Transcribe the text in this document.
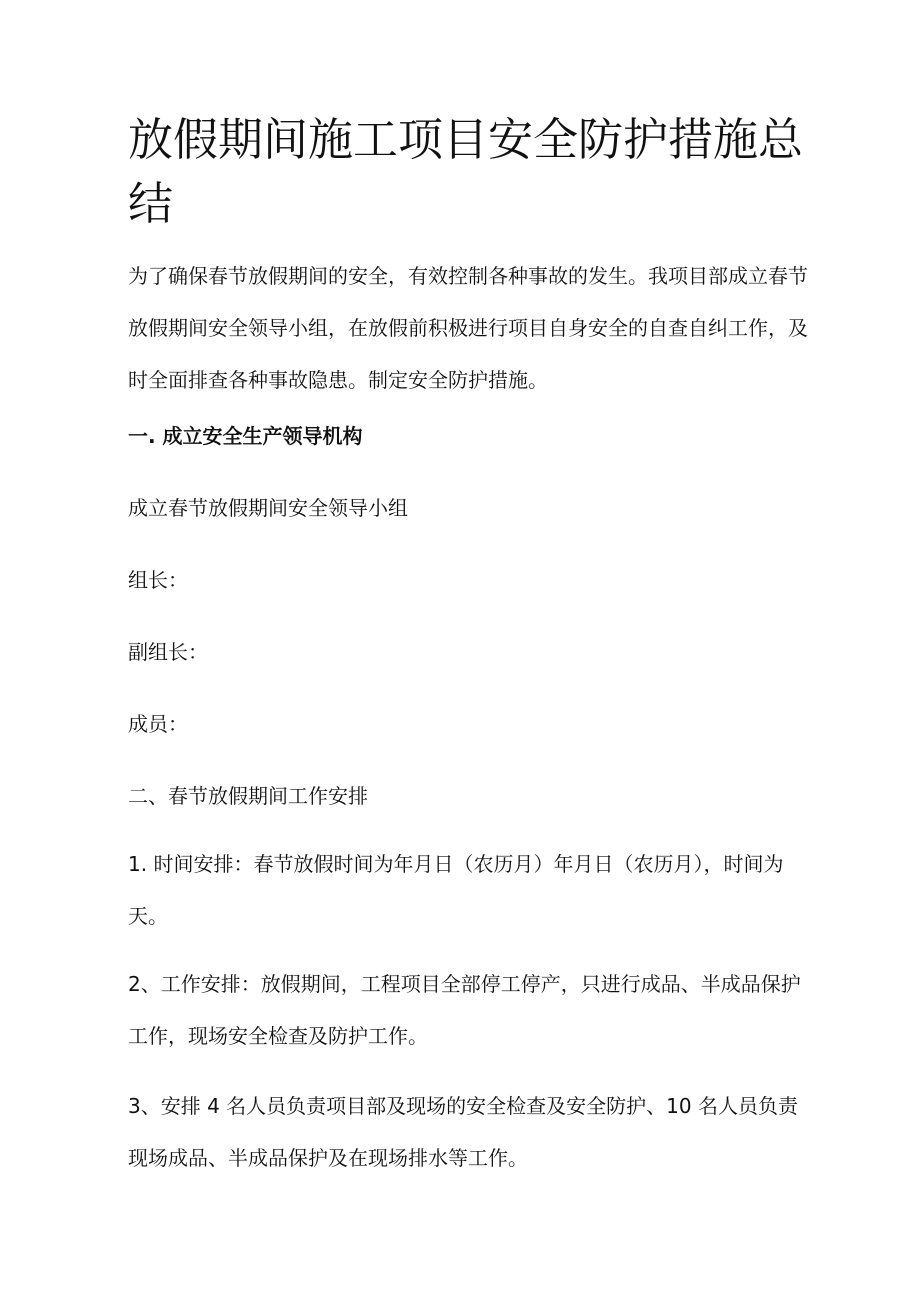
放假期间施工项目安全防护措施总结

为了确保春节放假期间的安全，有效控制各种事故的发生。我项目部成立春节放假期间安全领导小组，在放假前积极进行项目自身安全的自查自纠工作，及时全面排查各种事故隐患。制定安全防护措施。

一. 成立安全生产领导机构

成立春节放假期间安全领导小组

组长：

副组长：

成员：

二、春节放假期间工作安排

1. 时间安排：春节放假时间为年月日（农历月）年月日（农历月），时间为天。

2、工作安排：放假期间，工程项目全部停工停产，只进行成品、半成品保护工作，现场安全检查及防护工作。

3、安排 4 名人员负责项目部及现场的安全检查及安全防护、10 名人员负责现场成品、半成品保护及在现场排水等工作。
